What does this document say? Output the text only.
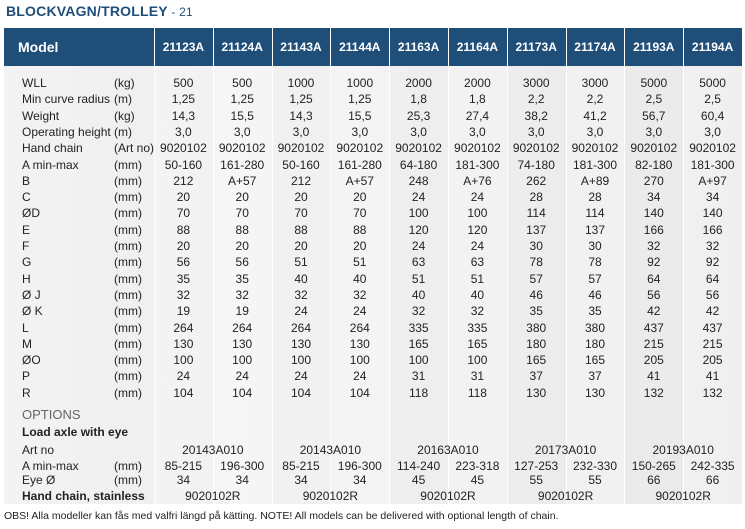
BLOCKVAGN/TROLLEY - 21
Model	21123A	21124A	21143A	21144A	21163A	21164A	21173A	21174A	21193A	21194A
WLL	(kg)	500	500	1000	1000	2000	2000	3000	3000	5000	5000
Min curve radius (m)	1,25	1,25	1,25	1,25	1,8	1,8	2,2	2,2	2,5	2,5
Weight	(kg)	14,3	15,5	14,3	15,5	25,3	27,4	38,2	41,2	56,7	60,4
Operating height (m)	3,0	3,0	3,0	3,0	3,0	3,0	3,0	3,0	3,0	3,0
Hand chain	(Art no) 9020102	9020102	9020102	9020102	9020102	9020102	9020102	9020102	9020102	9020102
A min-max	(mm)	50-160	161-280	50-160	161-280	64-180	181-300	74-180	181-300	82-180	181-300
B	(mm)	212	A+57	212	A+57	248	A+76	262	A+89	270	A+97
C	(mm)	20	20	20	20	24	24	28	28	34	34
ØD	(mm)	70	70	70	70	100	100	114	114	140	140
E	(mm)	88	88	88	88	120	120	137	137	166	166
F	(mm)	20	20	20	20	24	24	30	30	32	32
G	(mm)	56	56	51	51	63	63	78	78	92	92
H	(mm)	35	35	40	40	51	51	57	57	64	64
Ø J	(mm)	32	32	32	32	40	40	46	46	56	56
Ø K	(mm)	19	19	24	24	32	32	35	35	42	42
L	(mm)	264	264	264	264	335	335	380	380	437	437
M	(mm)	130	130	130	130	165	165	180	180	215	215
ØO	(mm)	100	100	100	100	100	100	165	165	205	205
P	(mm)	24	24	24	24	31	31	37	37	41	41
R	(mm)	104	104	104	104	118	118	130	130	132	132
OPTIONS
Load axle with eye
Art no	20143A010	20143A010	20163A010	20173A010	20193A010
A min-max	(mm)	85-215	196-300	85-215	196-300	114-240	223-318	127-253	232-330	150-265	242-335
Eye Ø	(mm)	34	34	34	34	45	45	55	55	66	66
Hand chain, stainless	9020102R	9020102R	9020102R	9020102R	9020102R
OBS! Alla modeller kan fås med valfri längd på kätting. NOTE! All models can be delivered with optional length of chain.
